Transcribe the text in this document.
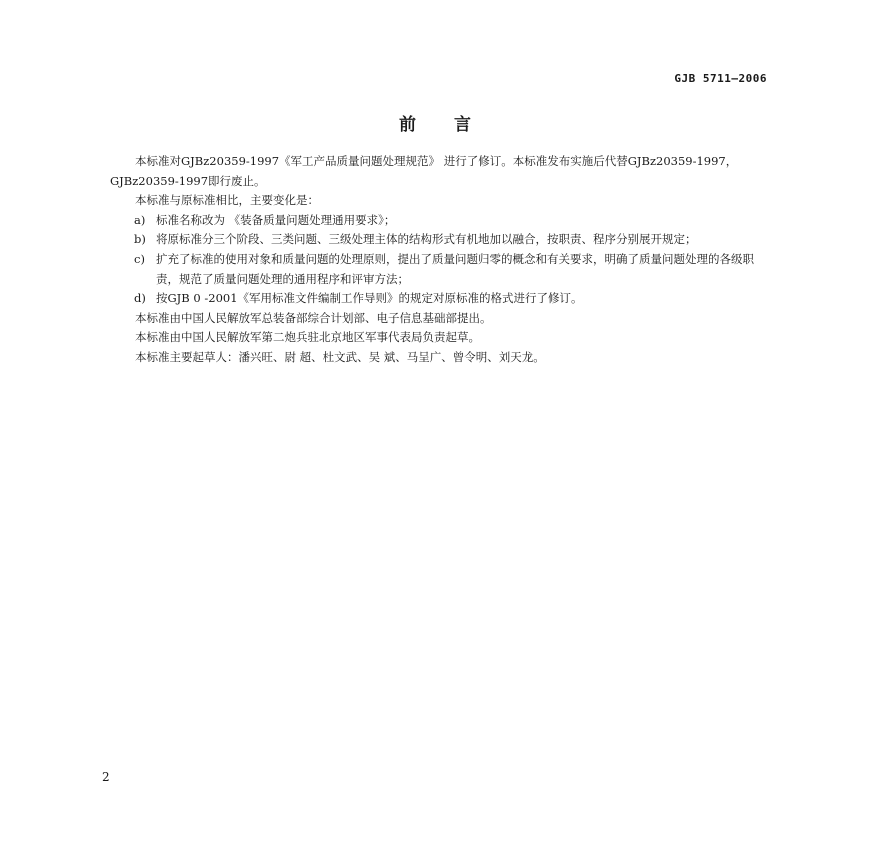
GJB 5711—2006
前言

本标准对GJBz20359-1997《军工产品质量问题处理规范》 进行了修订。本标准发布实施后代替GJBz20359-1997，GJBz20359-1997即行废止。

本标准与原标准相比，主要变化是：

a) 标准名称改为 《装备质量问题处理通用要求》；
b) 将原标准分三个阶段、三类问题、三级处理主体的结构形式有机地加以融合，按职责、程序分别展开规定；
c) 扩充了标准的使用对象和质量问题的处理原则，提出了质量问题归零的概念和有关要求，明确了质量问题处理的各级职责，规范了质量问题处理的通用程序和评审方法；
d) 按GJB 0 -2001《军用标准文件编制工作导则》的规定对原标准的格式进行了修订。

本标准由中国人民解放军总装备部综合计划部、电子信息基础部提出。

本标准由中国人民解放军第二炮兵驻北京地区军事代表局负责起草。

本标准主要起草人：潘兴旺、尉 超、杜文武、吴 斌、马呈广、曾令明、刘天龙。

2
